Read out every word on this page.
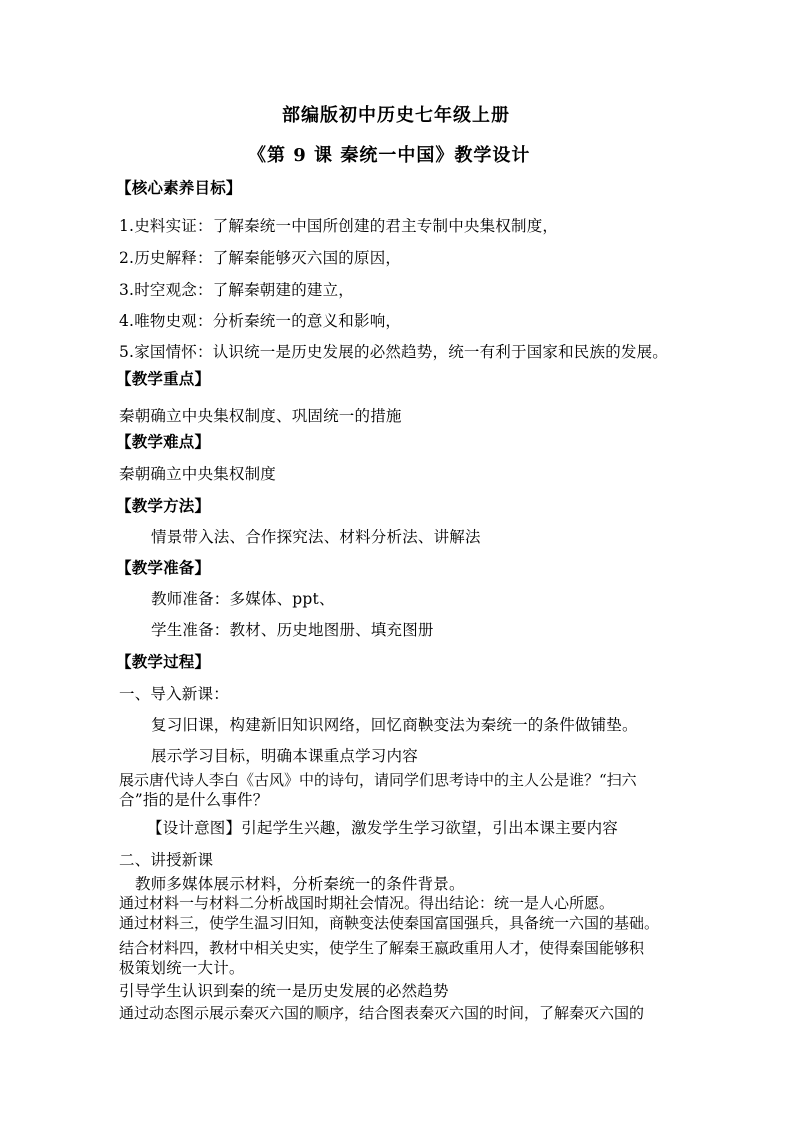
部编版初中历史七年级上册
《第 9 课 秦统一中国》教学设计
【核心素养目标】
1.史料实证：了解秦统一中国所创建的君主专制中央集权制度，
2.历史解释：了解秦能够灭六国的原因，
3.时空观念：了解秦朝建的建立，
4.唯物史观：分析秦统一的意义和影响，
5.家国情怀：认识统一是历史发展的必然趋势，统一有利于国家和民族的发展。
【教学重点】
秦朝确立中央集权制度、巩固统一的措施
【教学难点】
秦朝确立中央集权制度
【教学方法】
情景带入法、合作探究法、材料分析法、讲解法
【教学准备】
教师准备：多媒体、ppt、
学生准备：教材、历史地图册、填充图册
【教学过程】
一、导入新课：
复习旧课，构建新旧知识网络，回忆商鞅变法为秦统一的条件做铺垫。
展示学习目标，明确本课重点学习内容
展示唐代诗人李白《古风》中的诗句，请同学们思考诗中的主人公是谁？“扫六
合”指的是什么事件？
【设计意图】引起学生兴趣，激发学生学习欲望，引出本课主要内容
二、讲授新课
教师多媒体展示材料，分析秦统一的条件背景。
通过材料一与材料二分析战国时期社会情况。得出结论：统一是人心所愿。
通过材料三，使学生温习旧知，商鞅变法使秦国富国强兵，具备统一六国的基础。
结合材料四，教材中相关史实，使学生了解秦王嬴政重用人才，使得秦国能够积
极策划统一大计。
引导学生认识到秦的统一是历史发展的必然趋势
通过动态图示展示秦灭六国的顺序，结合图表秦灭六国的时间，了解秦灭六国的
